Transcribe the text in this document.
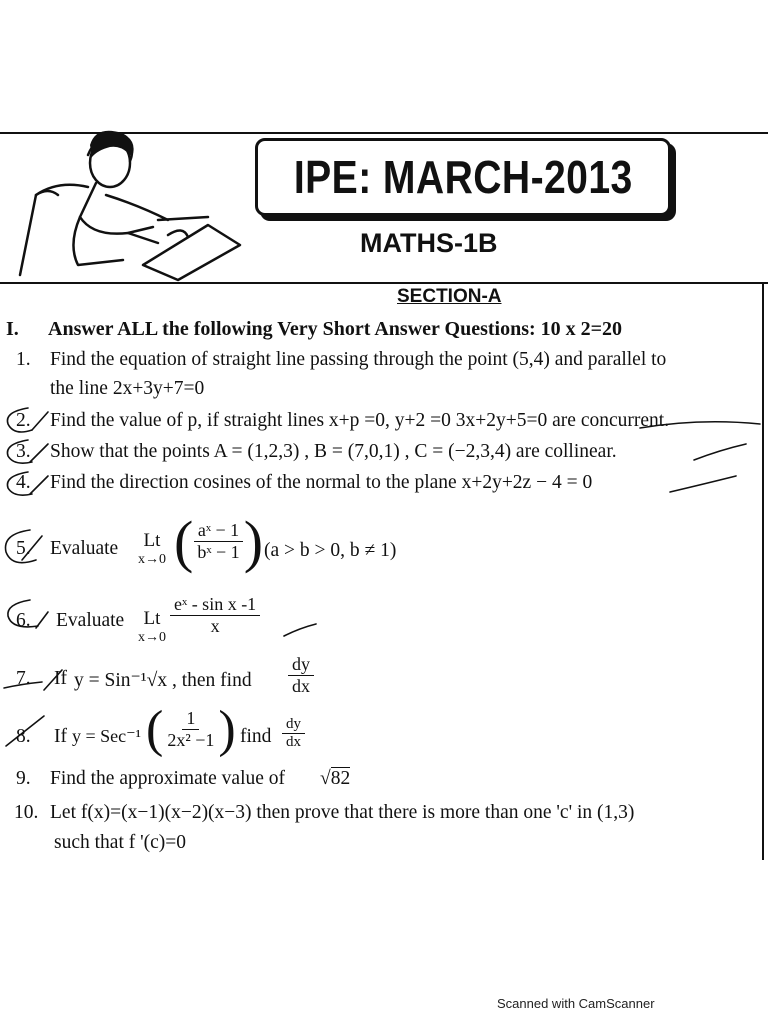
IPE: MARCH-2013
MATHS-1B
SECTION-A
I. Answer ALL the following Very Short Answer Questions: 10 x 2=20
1. Find the equation of straight line passing through the point (5,4) and parallel to
the line 2x+3y+7=0
2. Find the value of p, if straight lines x+p =0, y+2 =0 3x+2y+5=0 are concurrent.
3. Show that the points A = (1,2,3) , B = (7,0,1) , C = (−2,3,4) are collinear.
4. Find the direction cosines of the normal to the plane x+2y+2z − 4 = 0
5. Evaluate Lt
x→0 ( $\frac{\text{aˣ − 1}}{\text{bˣ − 1}}$ ) (a > b > 0, b ≠ 1)
6. Evaluate Lt
x→0
$\frac{\text{eˣ - sin x -1}}{x}$
7. If y = Sin⁻¹√x , then find $\frac{dy}{dx}$
8. If y = Sec⁻¹ ( $\frac{1}{\text{2x² −1}}$ ) find $\frac{dy}{dx}$
9. Find the approximate value of √82
10. Let f(x)=(x−1)(x−2)(x−3) then prove that there is more than one 'c' in (1,3)
such that f '(c)=0
Scanned with CamScanner
